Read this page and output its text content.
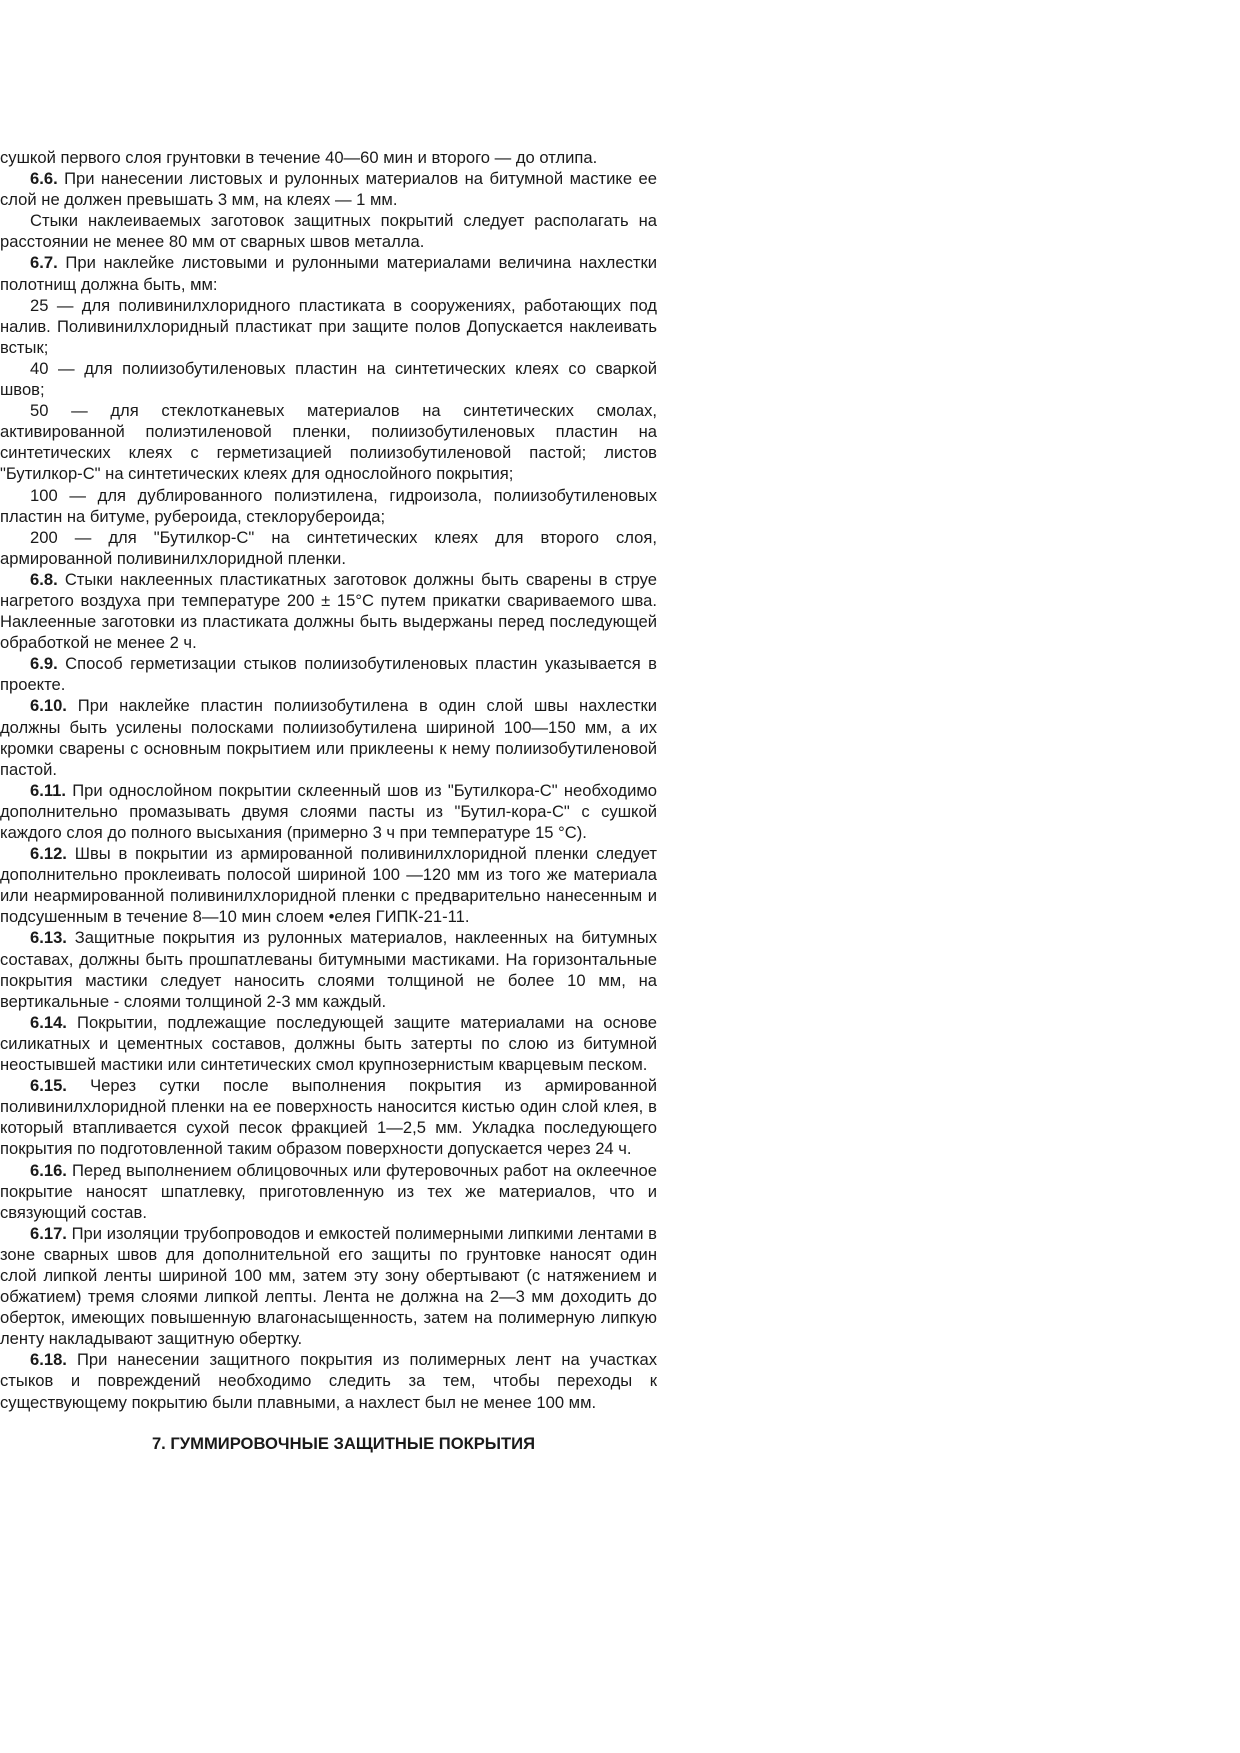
сушкой первого слоя грунтовки в течение 40—60 мин и второго — до отлипа.

6.6. При нанесении листовых и рулонных материалов на битумной мастике ее слой не должен превышать 3 мм, на клеях — 1 мм.

Стыки наклеиваемых заготовок защитных покрытий следует располагать на расстоянии не менее 80 мм от сварных швов металла.

6.7. При наклейке листовыми и рулонными материалами величина нахлестки полотнищ должна быть, мм:

25 — для поливинилхлоридного пластиката в сооружениях, работающих под налив. Поливинилхлоридный пластикат при защите полов Допускается наклеивать встык;

40 — для полиизобутиленовых пластин на синтетических клеях со сваркой швов;

50 — для стеклотканевых материалов на синтетических смолах, активированной полиэтиленовой пленки, полиизобутиленовых пластин на синтетических клеях с герметизацией полиизобутиленовой пастой; листов "Бутилкор-С" на синтетических клеях для однослойного покрытия;

100 — для дублированного полиэтилена, гидроизола, полиизобутиленовых пластин на битуме, рубероида, стеклорубероида;

200 — для "Бутилкор-С" на синтетических клеях для второго слоя, армированной поливинилхлоридной пленки.

6.8. Стыки наклеенных пластикатных заготовок должны быть сварены в струе нагретого воздуха при температуре 200 ± 15°С путем прикатки свариваемого шва. Наклеенные заготовки из пластиката должны быть выдержаны перед последующей обработкой не менее 2 ч.

6.9. Способ герметизации стыков полиизобутиленовых пластин указывается в проекте.

6.10. При наклейке пластин полиизобутилена в один слой швы нахлестки должны быть усилены полосками полиизобутилена шириной 100—150 мм, а их кромки сварены с основным покрытием или приклеены к нему полиизобутиленовой пастой.

6.11. При однослойном покрытии склеенный шов из "Бутилкора-С" необходимо дополнительно промазывать двумя слоями пасты из "Бутил-кора-С" с сушкой каждого слоя до полного высыхания (примерно 3 ч при температуре 15 °С).

6.12. Швы в покрытии из армированной поливинилхлоридной пленки следует дополнительно проклеивать полосой шириной 100 —120 мм из того же материала или неармированной поливинилхлоридной пленки с предварительно нанесенным и подсушенным в течение 8—10 мин слоем •елея ГИПК-21-11.

6.13. Защитные покрытия из рулонных материалов, наклеенных на битумных составах, должны быть прошпатлеваны битумными мастиками. На горизонтальные покрытия мастики следует наносить слоями толщиной не более 10 мм, на вертикальные - слоями толщиной 2-3 мм каждый.

6.14. Покрытии, подлежащие последующей защите материалами на основе силикатных и цементных составов, должны быть затерты по слою из битумной неостывшей мастики или синтетических смол крупнозернистым кварцевым песком.

6.15. Через сутки после выполнения покрытия из армированной поливинилхлоридной пленки на ее поверхность наносится кистью один слой клея, в который втапливается сухой песок фракцией 1—2,5 мм. Укладка последующего покрытия по подготовленной таким образом поверхности допускается через 24 ч.

6.16. Перед выполнением облицовочных или футеровочных работ на оклеечное покрытие наносят шпатлевку, приготовленную из тех же материалов, что и связующий состав.

6.17. При изоляции трубопроводов и емкостей полимерными липкими лентами в зоне сварных швов для дополнительной его защиты по грунтовке наносят один слой липкой ленты шириной 100 мм, затем эту зону обертывают (с натяжением и обжатием) тремя слоями липкой лепты. Лента не должна на 2—3 мм доходить до оберток, имеющих повышенную влагонасыщенность, затем на полимерную липкую ленту накладывают защитную обертку.

6.18. При нанесении защитного покрытия из полимерных лент на участках стыков и повреждений необходимо следить за тем, чтобы переходы к существующему покрытию были плавными, а нахлест был не менее 100 мм.

7. ГУММИРОВОЧНЫЕ ЗАЩИТНЫЕ ПОКРЫТИЯ
